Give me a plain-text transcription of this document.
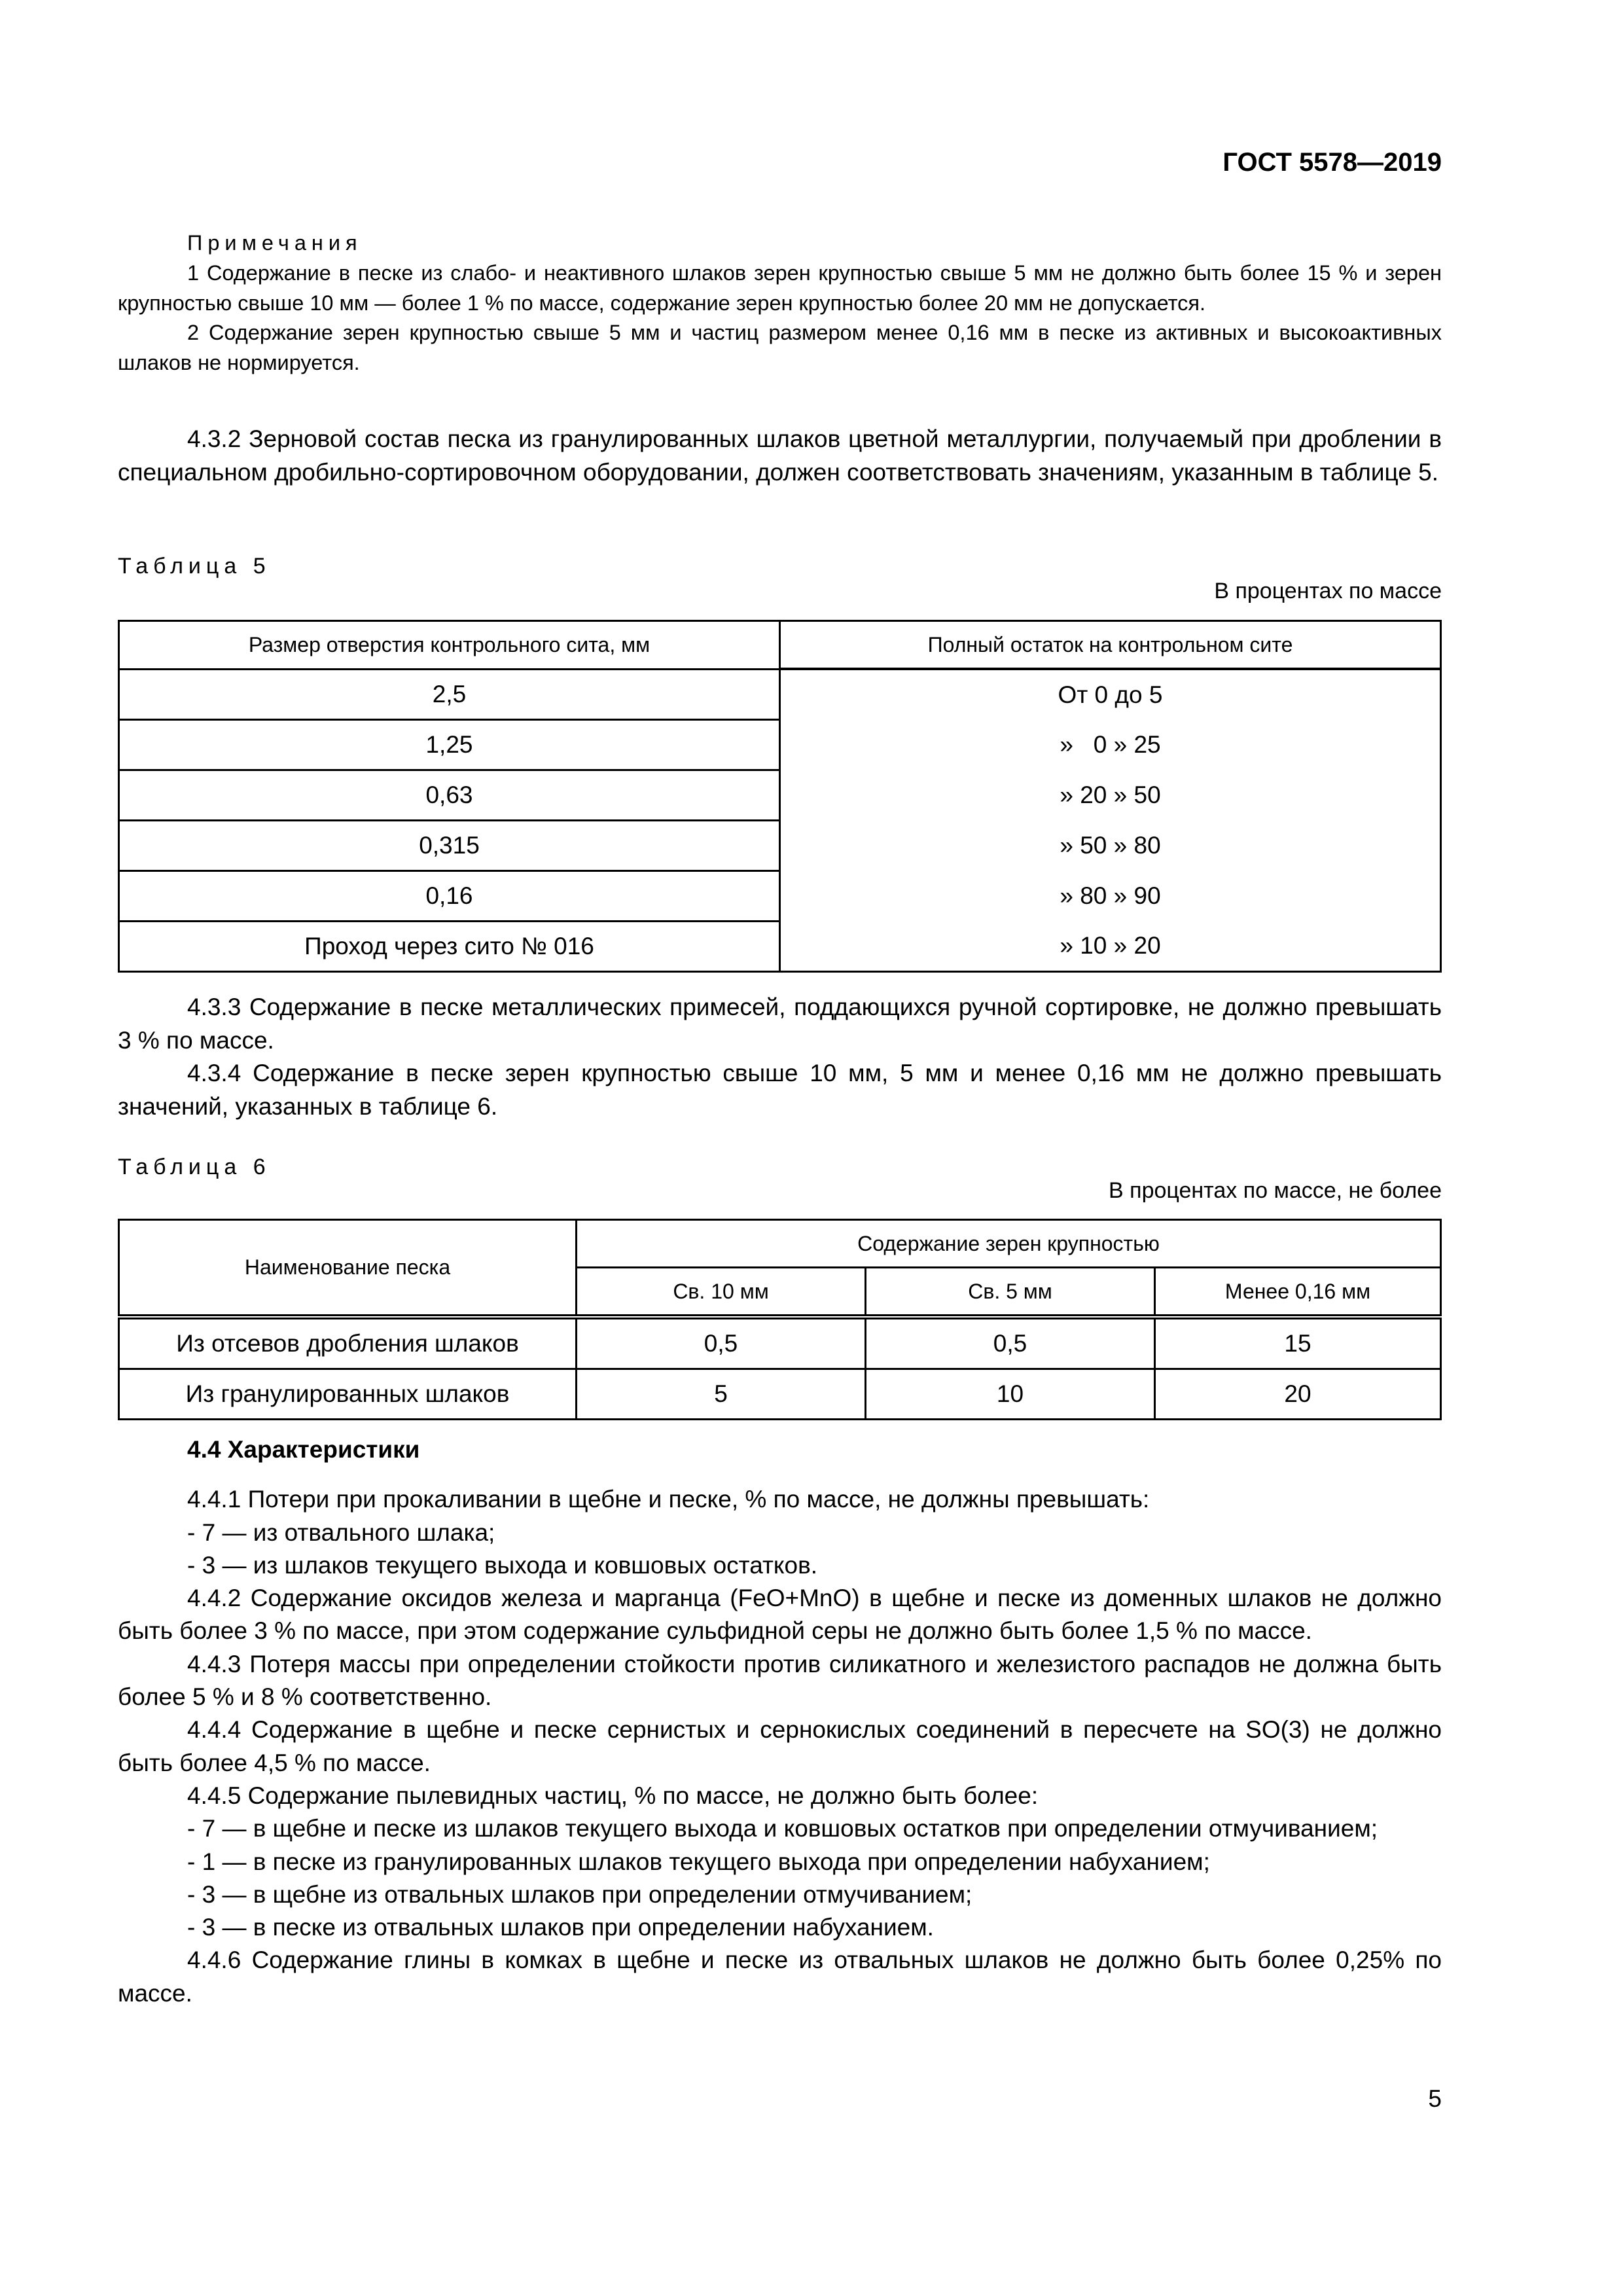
ГОСТ 5578—2019
Примечания

1 Содержание в песке из слабо- и неактивного шлаков зерен крупностью свыше 5 мм не должно быть более 15 % и зерен крупностью свыше 10 мм — более 1 % по массе, содержание зерен крупностью более 20 мм не допускается.

2 Содержание зерен крупностью свыше 5 мм и частиц размером менее 0,16 мм в песке из активных и высокоактивных шлаков не нормируется.

4.3.2 Зерновой состав песка из гранулированных шлаков цветной металлургии, получаемый при дроблении в специальном дробильно-сортировочном оборудовании, должен соответствовать значениям, указанным в таблице 5.

Таблица 5
В процентах по массе
Размер отверстия контрольного сита, мм	Полный остаток на контрольном сите
2,5	От 0 до 5
1,25	»   0 » 25
0,63	» 20 » 50
0,315	» 50 » 80
0,16	» 80 » 90
Проход через сито № 016	» 10 » 20

4.3.3 Содержание в песке металлических примесей, поддающихся ручной сортировке, не должно превышать 3 % по массе.

4.3.4 Содержание в песке зерен крупностью свыше 10 мм, 5 мм и менее 0,16 мм не должно превышать значений, указанных в таблице 6.

Таблица 6
В процентах по массе, не более
Наименование песка	Содержание зерен крупностью		
	Св. 10 мм	Св. 5 мм	Менее 0,16 мм
Из отсевов дробления шлаков	0,5	0,5	15
Из гранулированных шлаков	5	10	20

4.4 Характеристики

4.4.1 Потери при прокаливании в щебне и песке, % по массе, не должны превышать:

- 7 — из отвального шлака;

- 3 — из шлаков текущего выхода и ковшовых остатков.

4.4.2 Содержание оксидов железа и марганца (FeO+MnO) в щебне и песке из доменных шлаков не должно быть более 3 % по массе, при этом содержание сульфидной серы не должно быть более 1,5 % по массе.

4.4.3 Потеря массы при определении стойкости против силикатного и железистого распадов не должна быть более 5 % и 8 % соответственно.

4.4.4 Содержание в щебне и песке сернистых и сернокислых соединений в пересчете на SO(3) не должно быть более 4,5 % по массе.

4.4.5 Содержание пылевидных частиц, % по массе, не должно быть более:

- 7 — в щебне и песке из шлаков текущего выхода и ковшовых остатков при определении отмучиванием;

- 1 — в песке из гранулированных шлаков текущего выхода при определении набуханием;

- 3 — в щебне из отвальных шлаков при определении отмучиванием;

- 3 — в песке из отвальных шлаков при определении набуханием.

4.4.6 Содержание глины в комках в щебне и песке из отвальных шлаков не должно быть более 0,25% по массе.

5
